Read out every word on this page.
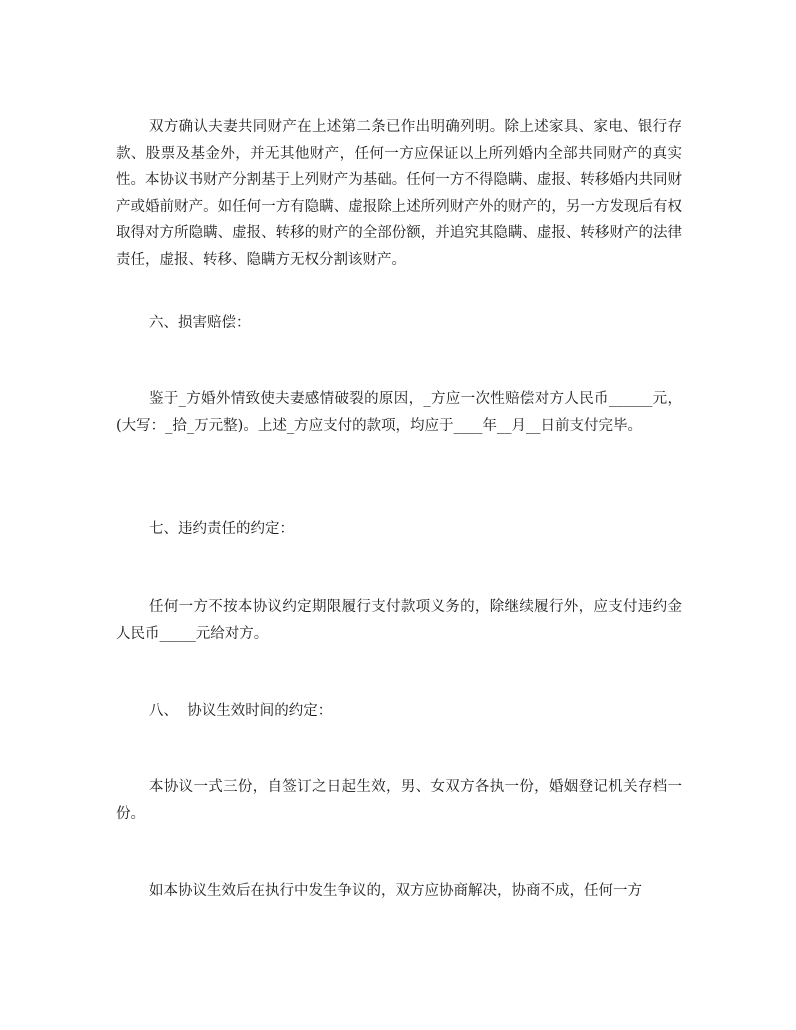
双方确认夫妻共同财产在上述第二条已作出明确列明。除上述家具、家电、银行存款、股票及基金外，并无其他财产，任何一方应保证以上所列婚内全部共同财产的真实性。本协议书财产分割基于上列财产为基础。任何一方不得隐瞒、虚报、转移婚内共同财产或婚前财产。如任何一方有隐瞒、虚报除上述所列财产外的财产的，另一方发现后有权取得对方所隐瞒、虚报、转移的财产的全部份额，并追究其隐瞒、虚报、转移财产的法律责任，虚报、转移、隐瞒方无权分割该财产。

六、损害赔偿：

鉴于_方婚外情致使夫妻感情破裂的原因，_方应一次性赔偿对方人民币______元，(大写：_拾_万元整)。上述_方应支付的款项，均应于____年__月__日前支付完毕。

七、违约责任的约定：

任何一方不按本协议约定期限履行支付款项义务的，除继续履行外，应支付违约金人民币_____元给对方。

八、  协议生效时间的约定：

本协议一式三份，自签订之日起生效，男、女双方各执一份，婚姻登记机关存档一份。

如本协议生效后在执行中发生争议的，双方应协商解决，协商不成，任何一方
